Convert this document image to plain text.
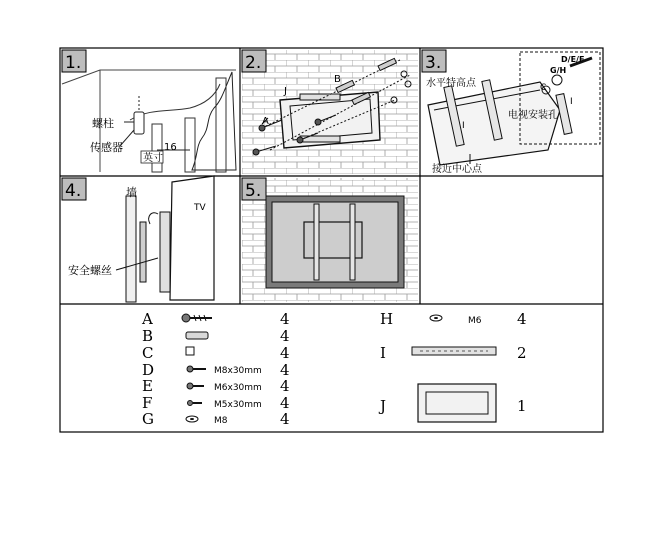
1.
螺柱
传感器	16
英寸
2.
A
B
J
3.	D/E/F
G/H
C
I
I
水平特高点
电视安装孔
接近中心点
4.	墙
TV
安全螺丝
5.
A	4
B	4
C	4
D	M8x30mm 4
E	M6x30mm 4
F	M5x30mm 4
G	M8	4
H	M6 4
I	2
J	1
